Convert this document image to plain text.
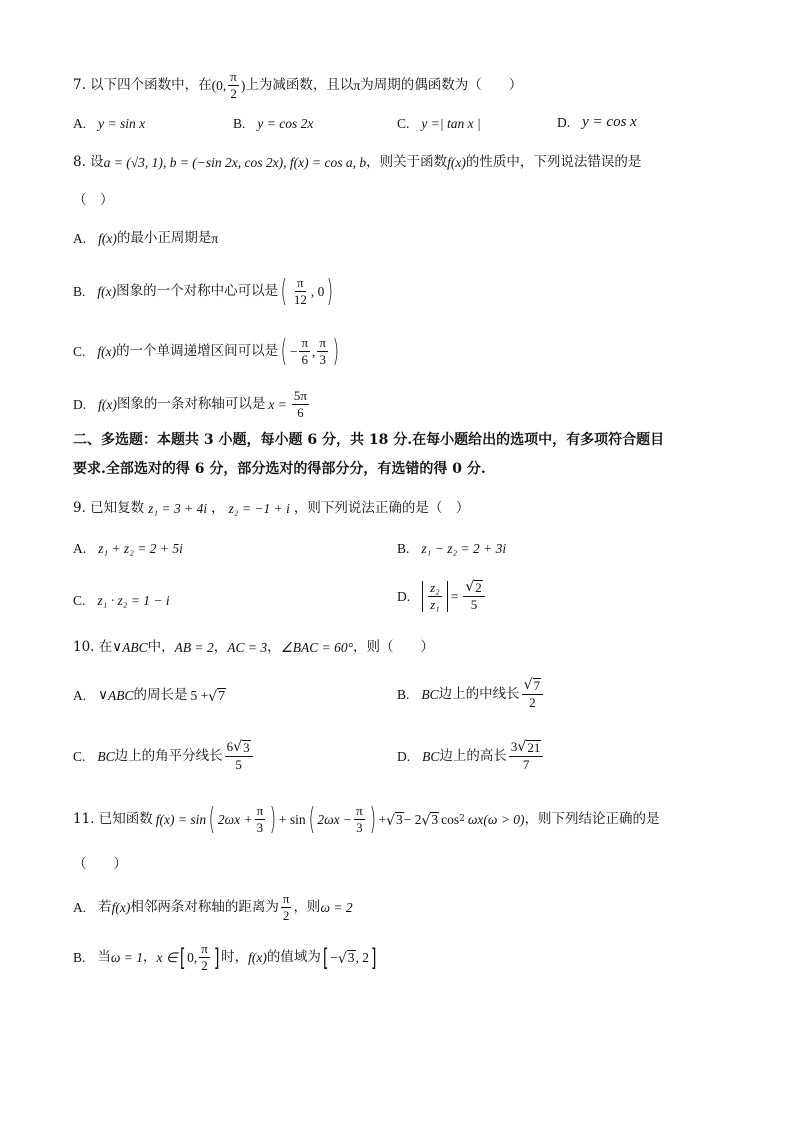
7. 以下四个函数中，在 (0, $\frac{\pi}{2}$ ) 上为减函数，且以 π 为周期的偶函数为（　　）
A. y = sin x	B. y = cos 2x	C. y =| tan x |	D. y = cos x
8. 设 a = (√3, 1) , b = (−sin 2x, cos 2x) , f(x) = cos a, b ，则关于函数 f(x) 的性质中，下列说法错误的是
（　）
A. f(x) 的最小正周期是 π
B. f(x) 图象的一个对称中心可以是 ( $\frac{\pi}{12}$ , 0 )
C. f(x) 的一个单调递增区间可以是 ( − $\frac{\pi}{6}$ , $\frac{\pi}{3}$ )
D. f(x) 图象的一条对称轴可以是 $x = \frac{5\pi}{6}$
二、多选题：本题共 3 小题，每小题 6 分，共 18 分.在每小题给出的选项中，有多项符合题目
要求.全部选对的得 6 分，部分选对的得部分分，有选错的得 0 分.
9. 已知复数 z₁ = 3 + 4i ， z₂ = −1 + i ，则下列说法正确的是（　）
A. z₁ + z₂ = 2 + 5i	B. z₁ − z₂ = 2 + 3i
C. z₁ · z₂ = 1 − i	D. $\frac{\text{z₂}}{\text{z₁}} = \frac{√ 2}{5}$
10. 在∨ ABC 中， AB = 2 ， AC = 3 ， ∠BAC = 60° ，则（　　）
A. ∨ ABC 的周长是 5 + √ 7	B. BC 边上的中线长 $\frac{√ 7}{2}$
C. BC 边上的角平分线长 $\frac{6 √ 3}{5}$	D. BC 边上的高长 $\frac{3 √ 21}{7}$
11. 已知函数 f(x) = sin ( $2\omega x + \frac{\pi}{3}$ ) + sin ( $2\omega x - \frac{\pi}{3}$ ) + √ 3 − 2 √ 3 cos 2 ωx(ω > 0) ，则下列结论正确的是
（　　）
A. 若 f(x) 相邻两条对称轴的距离为 $\frac{\pi}{2}$ ，则 ω = 2
B. 当 ω = 1 ， x ∈ [ 0, $\frac{\pi}{2}$ ] 时， f(x) 的值域为 [ − √ 3 , 2 ]
